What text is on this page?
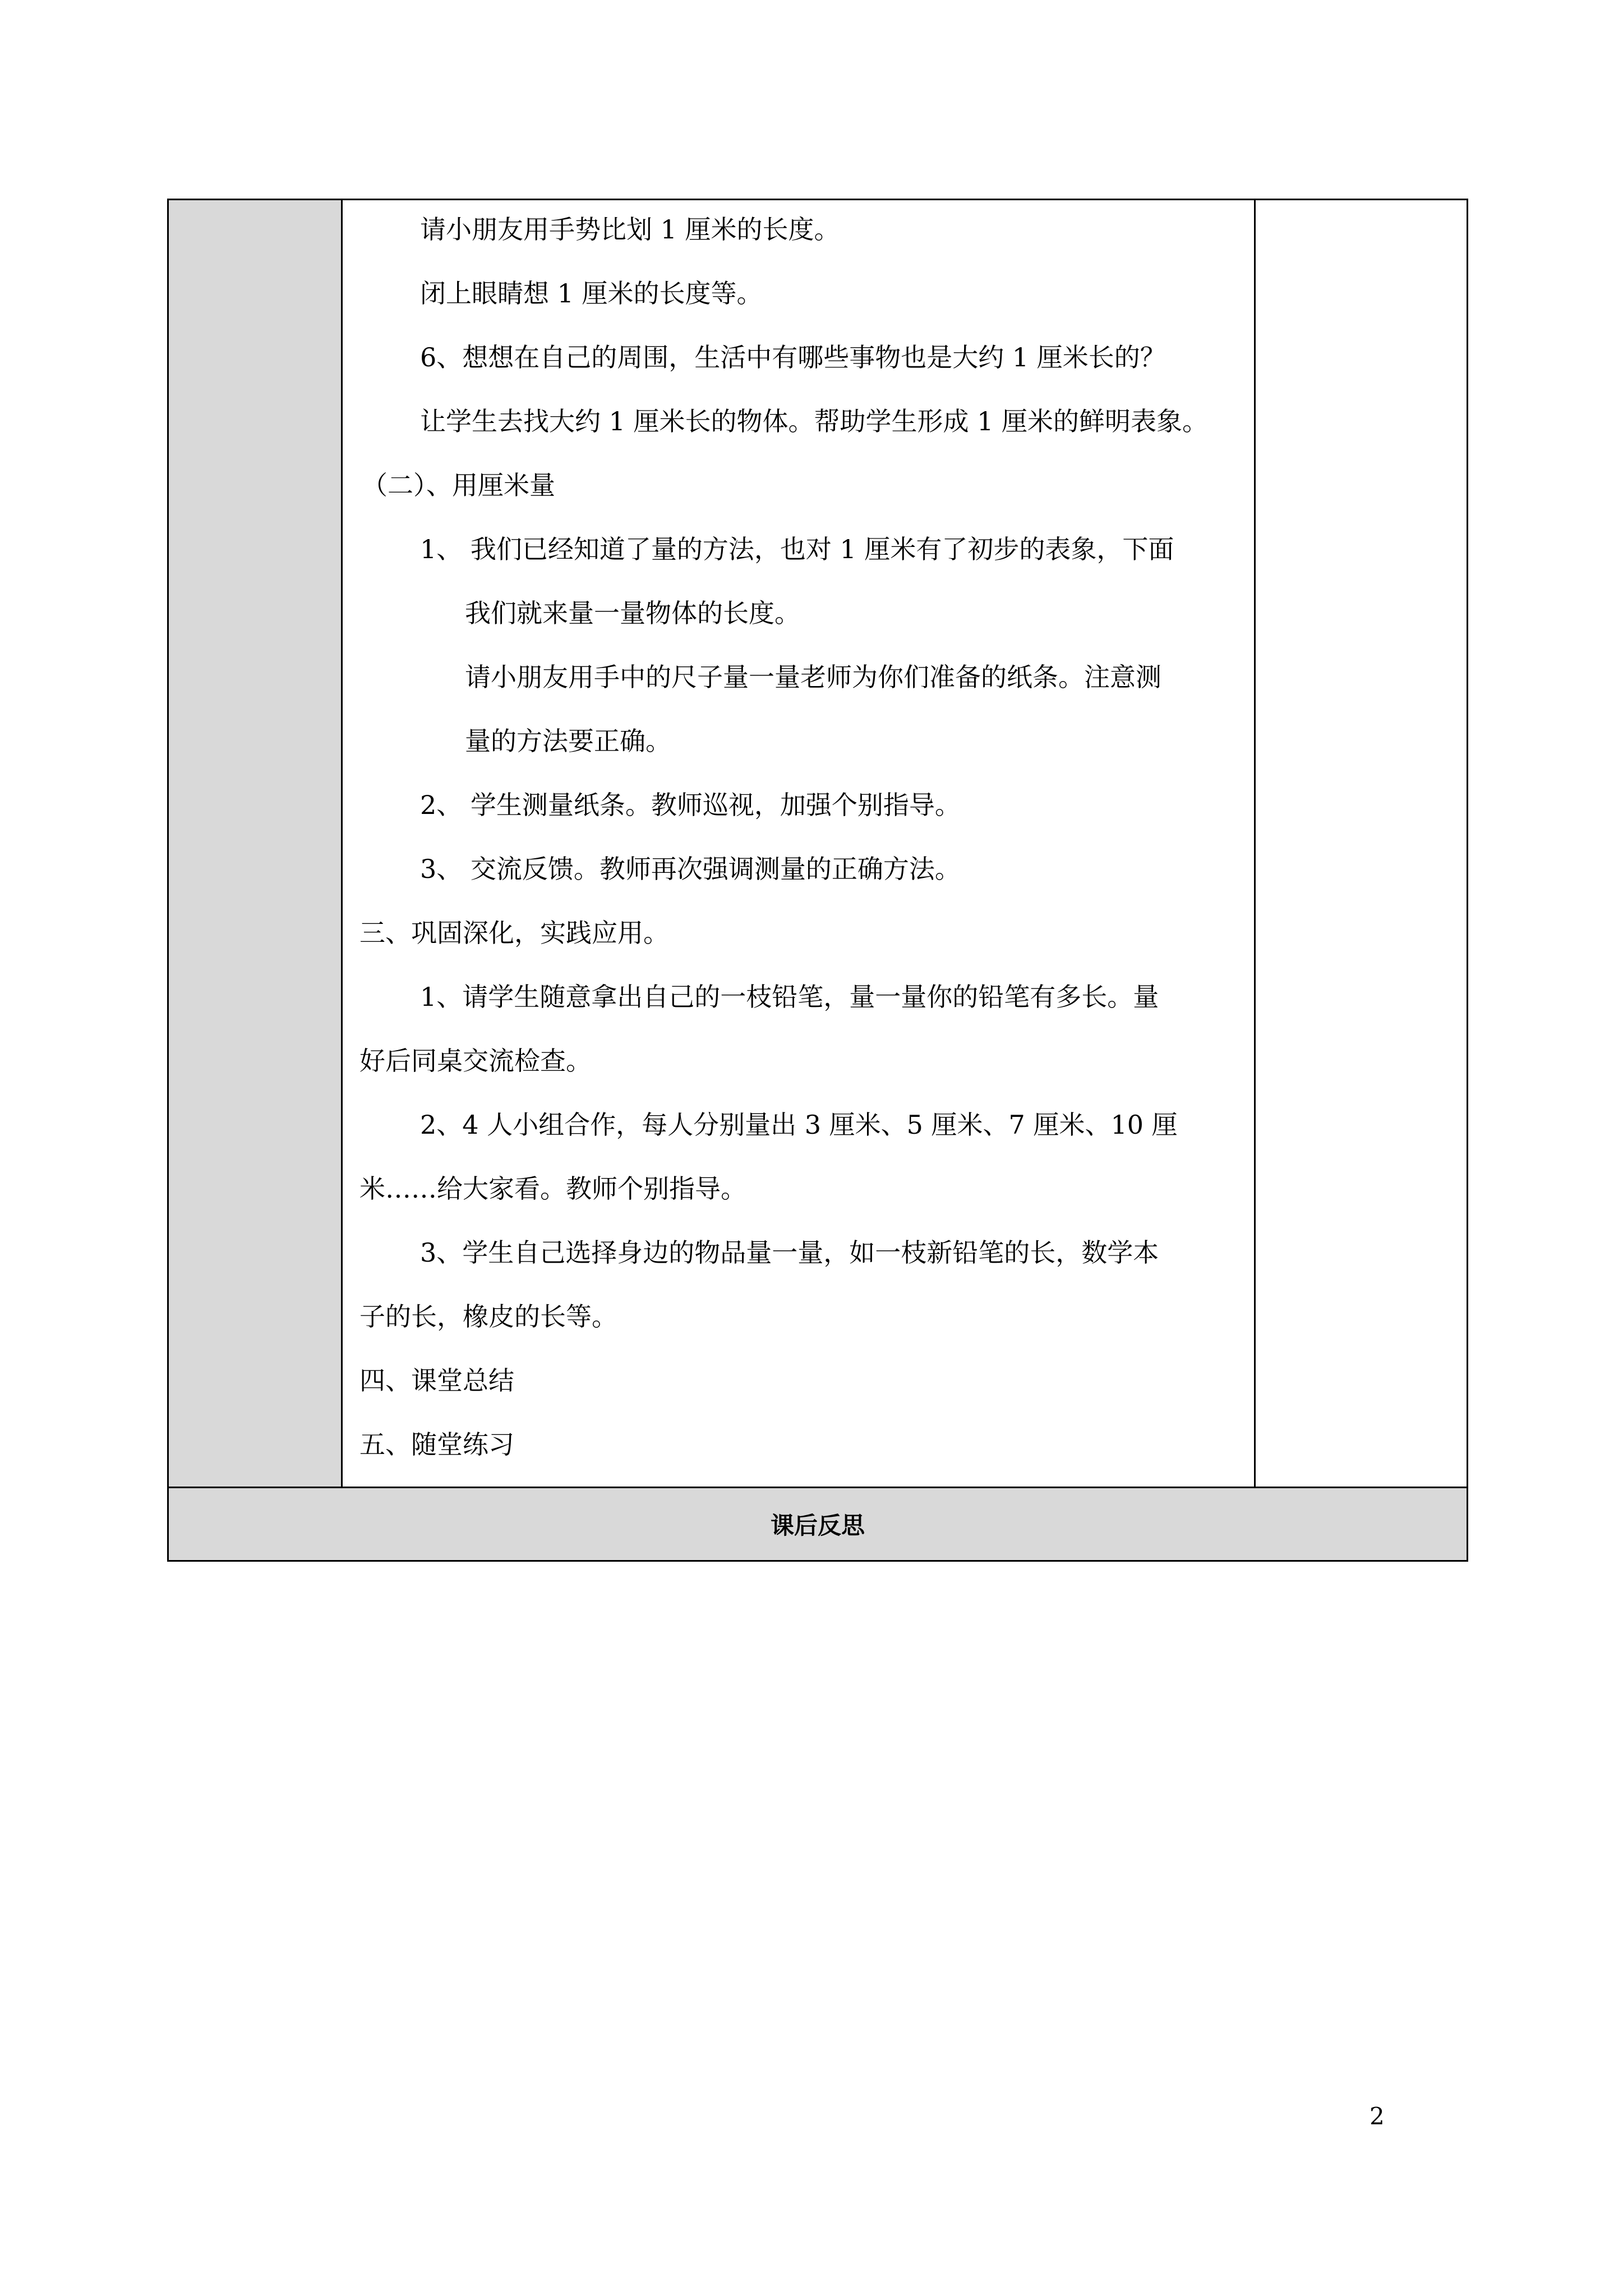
请小朋友用手势比划 1 厘米的长度。
闭上眼睛想 1 厘米的长度等。
6、想想在自己的周围，生活中有哪些事物也是大约 1 厘米长的？
让学生去找大约 1 厘米长的物体。帮助学生形成 1 厘米的鲜明表象。
（二）、用厘米量
1、 我们已经知道了量的方法，也对 1 厘米有了初步的表象，下面
我们就来量一量物体的长度。
请小朋友用手中的尺子量一量老师为你们准备的纸条。注意测
量的方法要正确。
2、 学生测量纸条。教师巡视，加强个别指导。
3、 交流反馈。教师再次强调测量的正确方法。
三、巩固深化，实践应用。
1、请学生随意拿出自己的一枝铅笔，量一量你的铅笔有多长。量
好后同桌交流检查。
2、4 人小组合作，每人分别量出 3 厘米、5 厘米、7 厘米、10 厘
米……给大家看。教师个别指导。
3、学生自己选择身边的物品量一量，如一枝新铅笔的长，数学本
子的长，橡皮的长等。
四、课堂总结
五、随堂练习
课后反思
2
